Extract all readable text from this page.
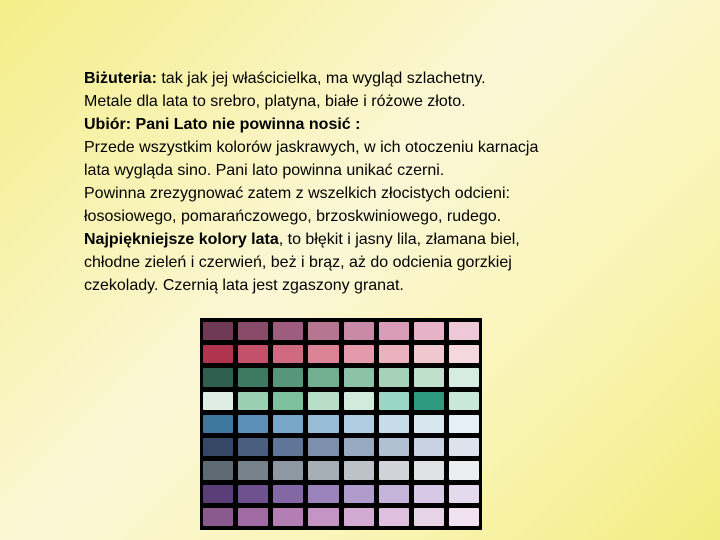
Biżuteria: tak jak jej właścicielka, ma wygląd szlachetny.
Metale dla lata to srebro, platyna, białe i różowe złoto.
Ubiór: Pani Lato nie powinna nosić :
Przede wszystkim kolorów jaskrawych, w ich otoczeniu karnacja
lata wygląda sino. Pani lato powinna unikać czerni.
Powinna zrezygnować zatem z wszelkich złocistych odcieni:
łososiowego, pomarańczowego, brzoskwiniowego, rudego.
Najpiękniejsze kolory lata, to błękit i jasny lila, złamana biel,
chłodne zieleń i czerwień, beż i brąz, aż do odcienia gorzkiej
czekolady. Czernią lata jest zgaszony granat.
